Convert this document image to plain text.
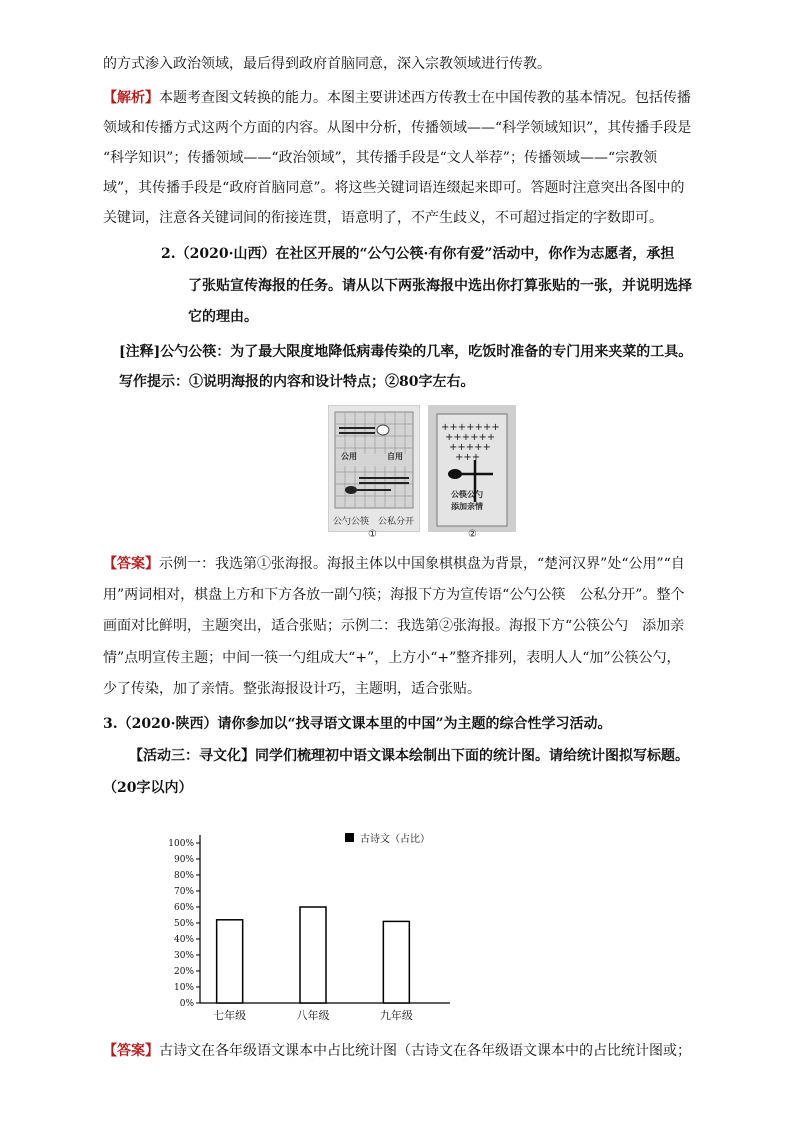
的方式渗入政治领域，最后得到政府首脑同意，深入宗教领域进行传教。
【 解析 】 本题考查图文转换的能力。本图主要讲述西方传教士在中国传教的基本情况。包括传播
领域和传播方式这两个方面的内容。从图中分析，传播领域——“科学领域知识”，其传播手段是
“科学知识”；传播领域——“政治领域”，其传播手段是“文人举荐”；传播领域——“宗教领
域”，其传播手段是“政府首脑同意”。将这些关键词语连缀起来即可。答题时注意突出各图中的
关键词，注意各关键词间的衔接连贯，语意明了，不产生歧义，不可超过指定的字数即可。
2.（2020·山西）在社区开展的“公勺公筷·有你有爱”活动中，你作为志愿者，承担
了张贴宣传海报的任务。请从以下两张海报中选出你打算张贴的一张，并说明选择
它的理由。
[注释]公勺公筷：为了最大限度地降低病毒传染的几率，吃饭时准备的专门用来夹菜的工具。
写作提示：①说明海报的内容和设计特点；②80字左右。
公用	自用
公勺公筷　公私分开
①
+++++++
++++++
+++++
+++
公筷公勺
添加亲情
②
【 答案 】 示例一：我选第①张海报。海报主体以中国象棋棋盘为背景，“楚河汉界”处“公用”“自
用”两词相对，棋盘上方和下方各放一副勺筷；海报下方为宣传语“公勺公筷　公私分开”。整个
画面对比鲜明，主题突出，适合张贴；示例二：我选第②张海报。海报下方“公筷公勺　添加亲
情”点明宣传主题；中间一筷一勺组成大“+”，上方小“+”整齐排列，表明人人“加”公筷公勺，
少了传染，加了亲情。整张海报设计巧，主题明，适合张贴。
3.（2020·陕西）请你参加以“找寻语文课本里的中国”为主题的综合性学习活动。
【活动三：寻文化】同学们梳理初中语文课本绘制出下面的统计图。请给统计图拟写标题。
（20字以内）
0%
10%
20%
30%
40%
50%
60%
70%
80%
90%
100%
七年级	八年级	九年级
古诗文（占比）
【 答案 】 古诗文在各年级语文课本中占比统计图（古诗文在各年级语文课本中的占比统计图或；
